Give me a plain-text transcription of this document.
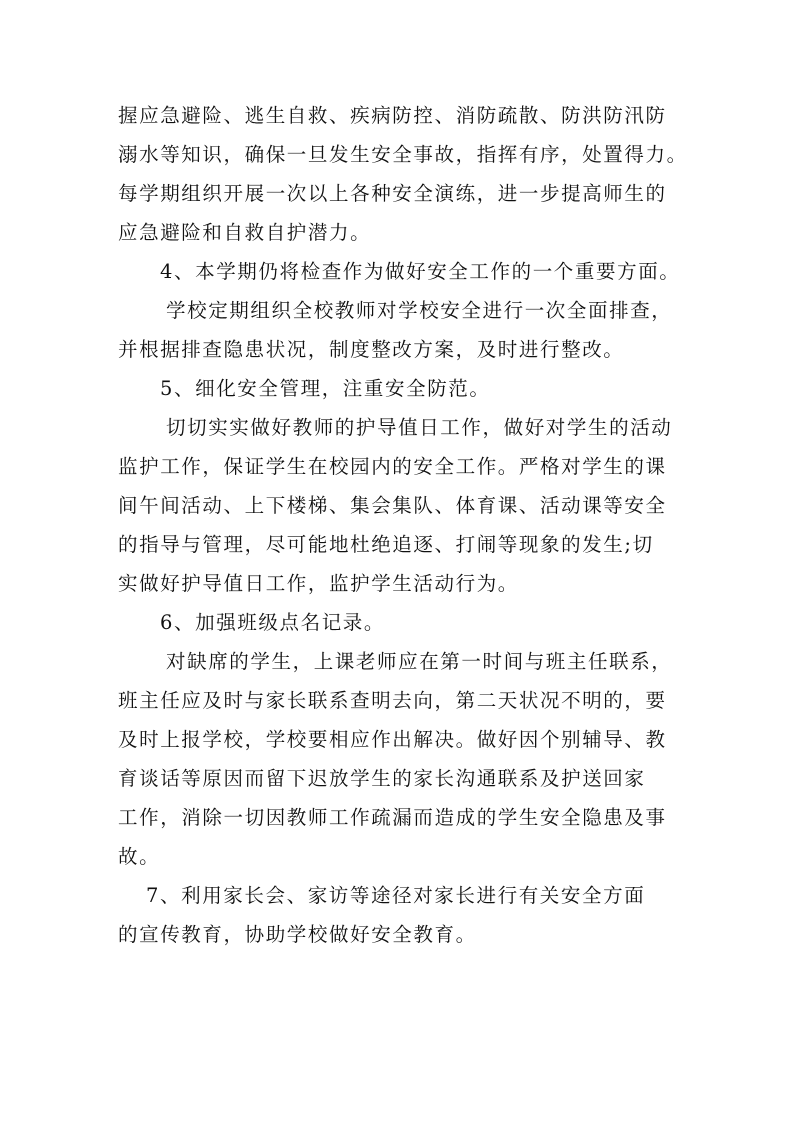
握应急避险、逃生自救、疾病防控、消防疏散、防洪防汛防
溺水等知识，确保一旦发生安全事故，指挥有序，处置得力。
每学期组织开展一次以上各种安全演练，进一步提高师生的
应急避险和自救自护潜力。
4、本学期仍将检查作为做好安全工作的一个重要方面。
学校定期组织全校教师对学校安全进行一次全面排查，
并根据排查隐患状况，制度整改方案，及时进行整改。
5、细化安全管理，注重安全防范。
切切实实做好教师的护导值日工作，做好对学生的活动
监护工作，保证学生在校园内的安全工作。严格对学生的课
间午间活动、上下楼梯、集会集队、体育课、活动课等安全
的指导与管理，尽可能地杜绝追逐、打闹等现象的发生;切
实做好护导值日工作，监护学生活动行为。
6、加强班级点名记录。
对缺席的学生，上课老师应在第一时间与班主任联系，
班主任应及时与家长联系查明去向，第二天状况不明的，要
及时上报学校，学校要相应作出解决。做好因个别辅导、教
育谈话等原因而留下迟放学生的家长沟通联系及护送回家
工作，消除一切因教师工作疏漏而造成的学生安全隐患及事
故。
7、利用家长会、家访等途径对家长进行有关安全方面
的宣传教育，协助学校做好安全教育。
